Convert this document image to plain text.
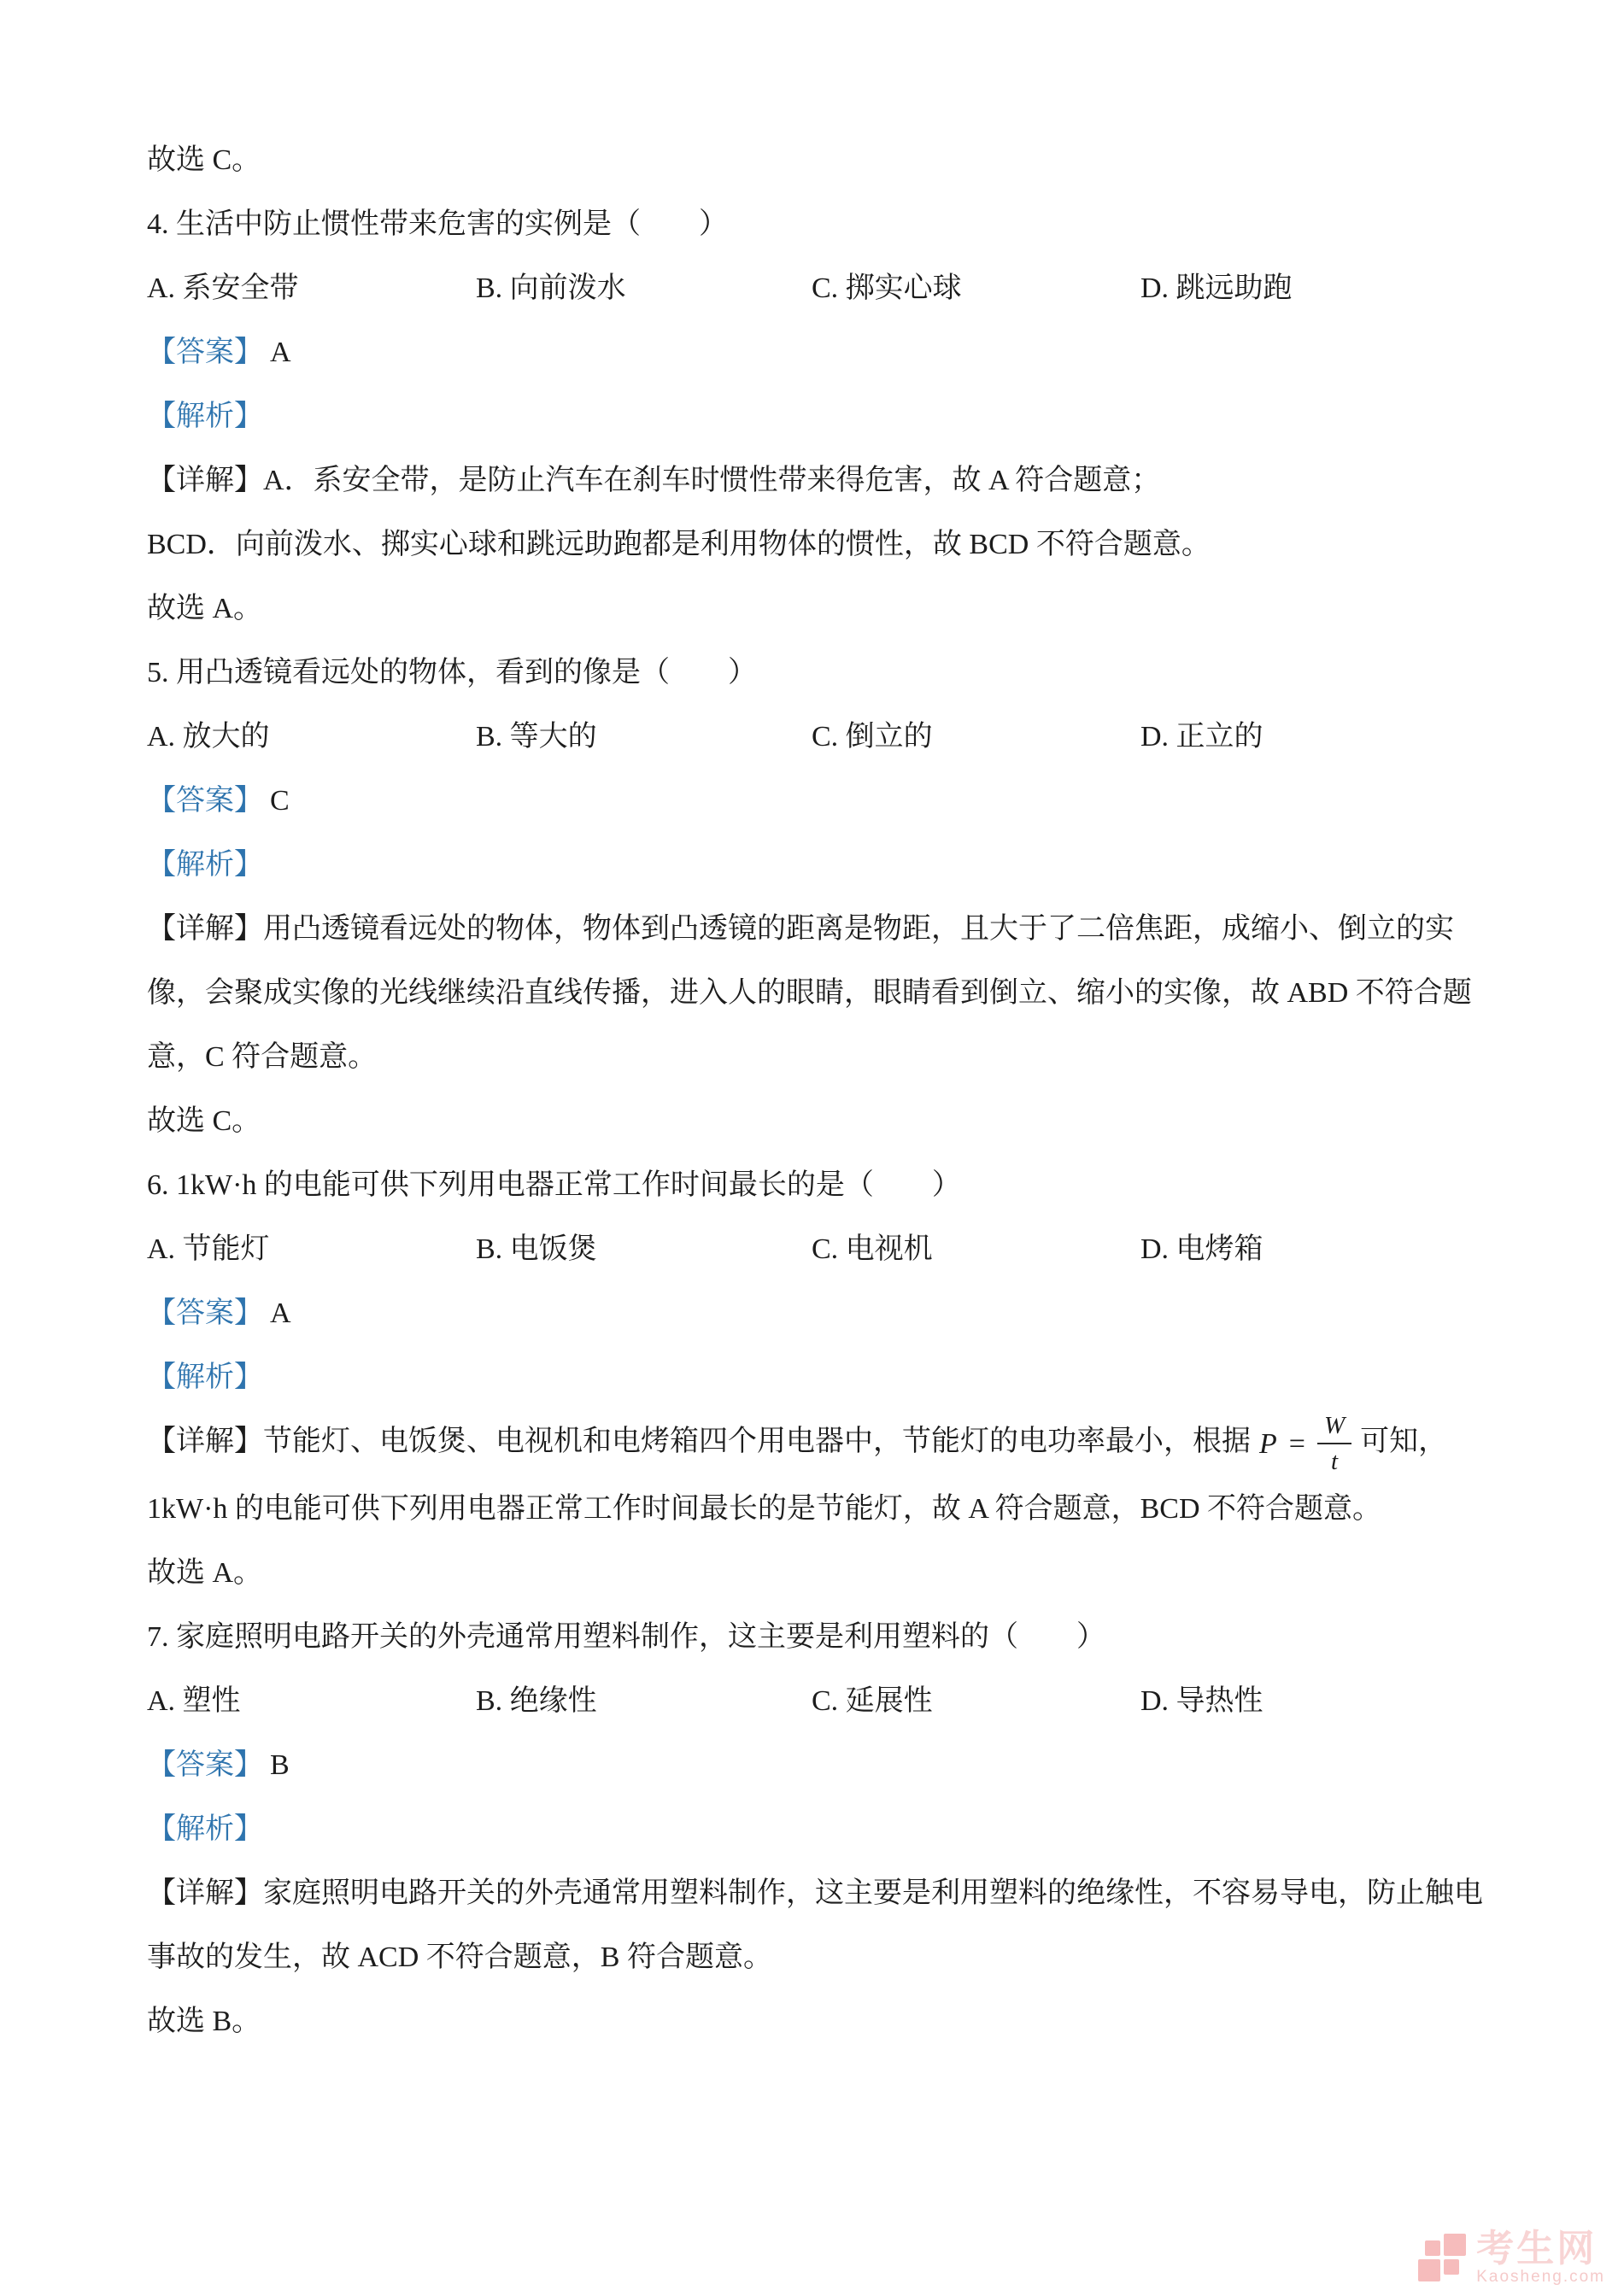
故选 C。
4. 生活中防止惯性带来危害的实例是（　　）
A. 系安全带	B. 向前泼水	C. 掷实心球	D. 跳远助跑
【答案】 A
【解析】
【详解】A．系安全带，是防止汽车在刹车时惯性带来得危害，故 A 符合题意；
BCD．向前泼水、掷实心球和跳远助跑都是利用物体的惯性，故 BCD 不符合题意。
故选 A。
5. 用凸透镜看远处的物体，看到的像是（　　）
A. 放大的	B. 等大的	C. 倒立的	D. 正立的
【答案】 C
【解析】
【详解】用凸透镜看远处的物体，物体到凸透镜的距离是物距，且大于了二倍焦距，成缩小、倒立的实
像，会聚成实像的光线继续沿直线传播，进入人的眼睛，眼睛看到倒立、缩小的实像，故 ABD 不符合题
意，C 符合题意。
故选 C。
6. 1kW·h 的电能可供下列用电器正常工作时间最长的是（　　）
A. 节能灯	B. 电饭煲	C. 电视机	D. 电烤箱
【答案】 A
【解析】
【详解】节能灯、电饭煲、电视机和电烤箱四个用电器中，节能灯的电功率最小，根据 $P = \frac{W}{t}$ 可知，
1kW·h 的电能可供下列用电器正常工作时间最长的是节能灯，故 A 符合题意，BCD 不符合题意。
故选 A。
7. 家庭照明电路开关的外壳通常用塑料制作，这主要是利用塑料的（　　）
A. 塑性	B. 绝缘性	C. 延展性	D. 导热性
【答案】 B
【解析】
【详解】家庭照明电路开关的外壳通常用塑料制作，这主要是利用塑料的绝缘性，不容易导电，防止触电
事故的发生，故 ACD 不符合题意，B 符合题意。
故选 B。
考生网
Kaosheng.com
